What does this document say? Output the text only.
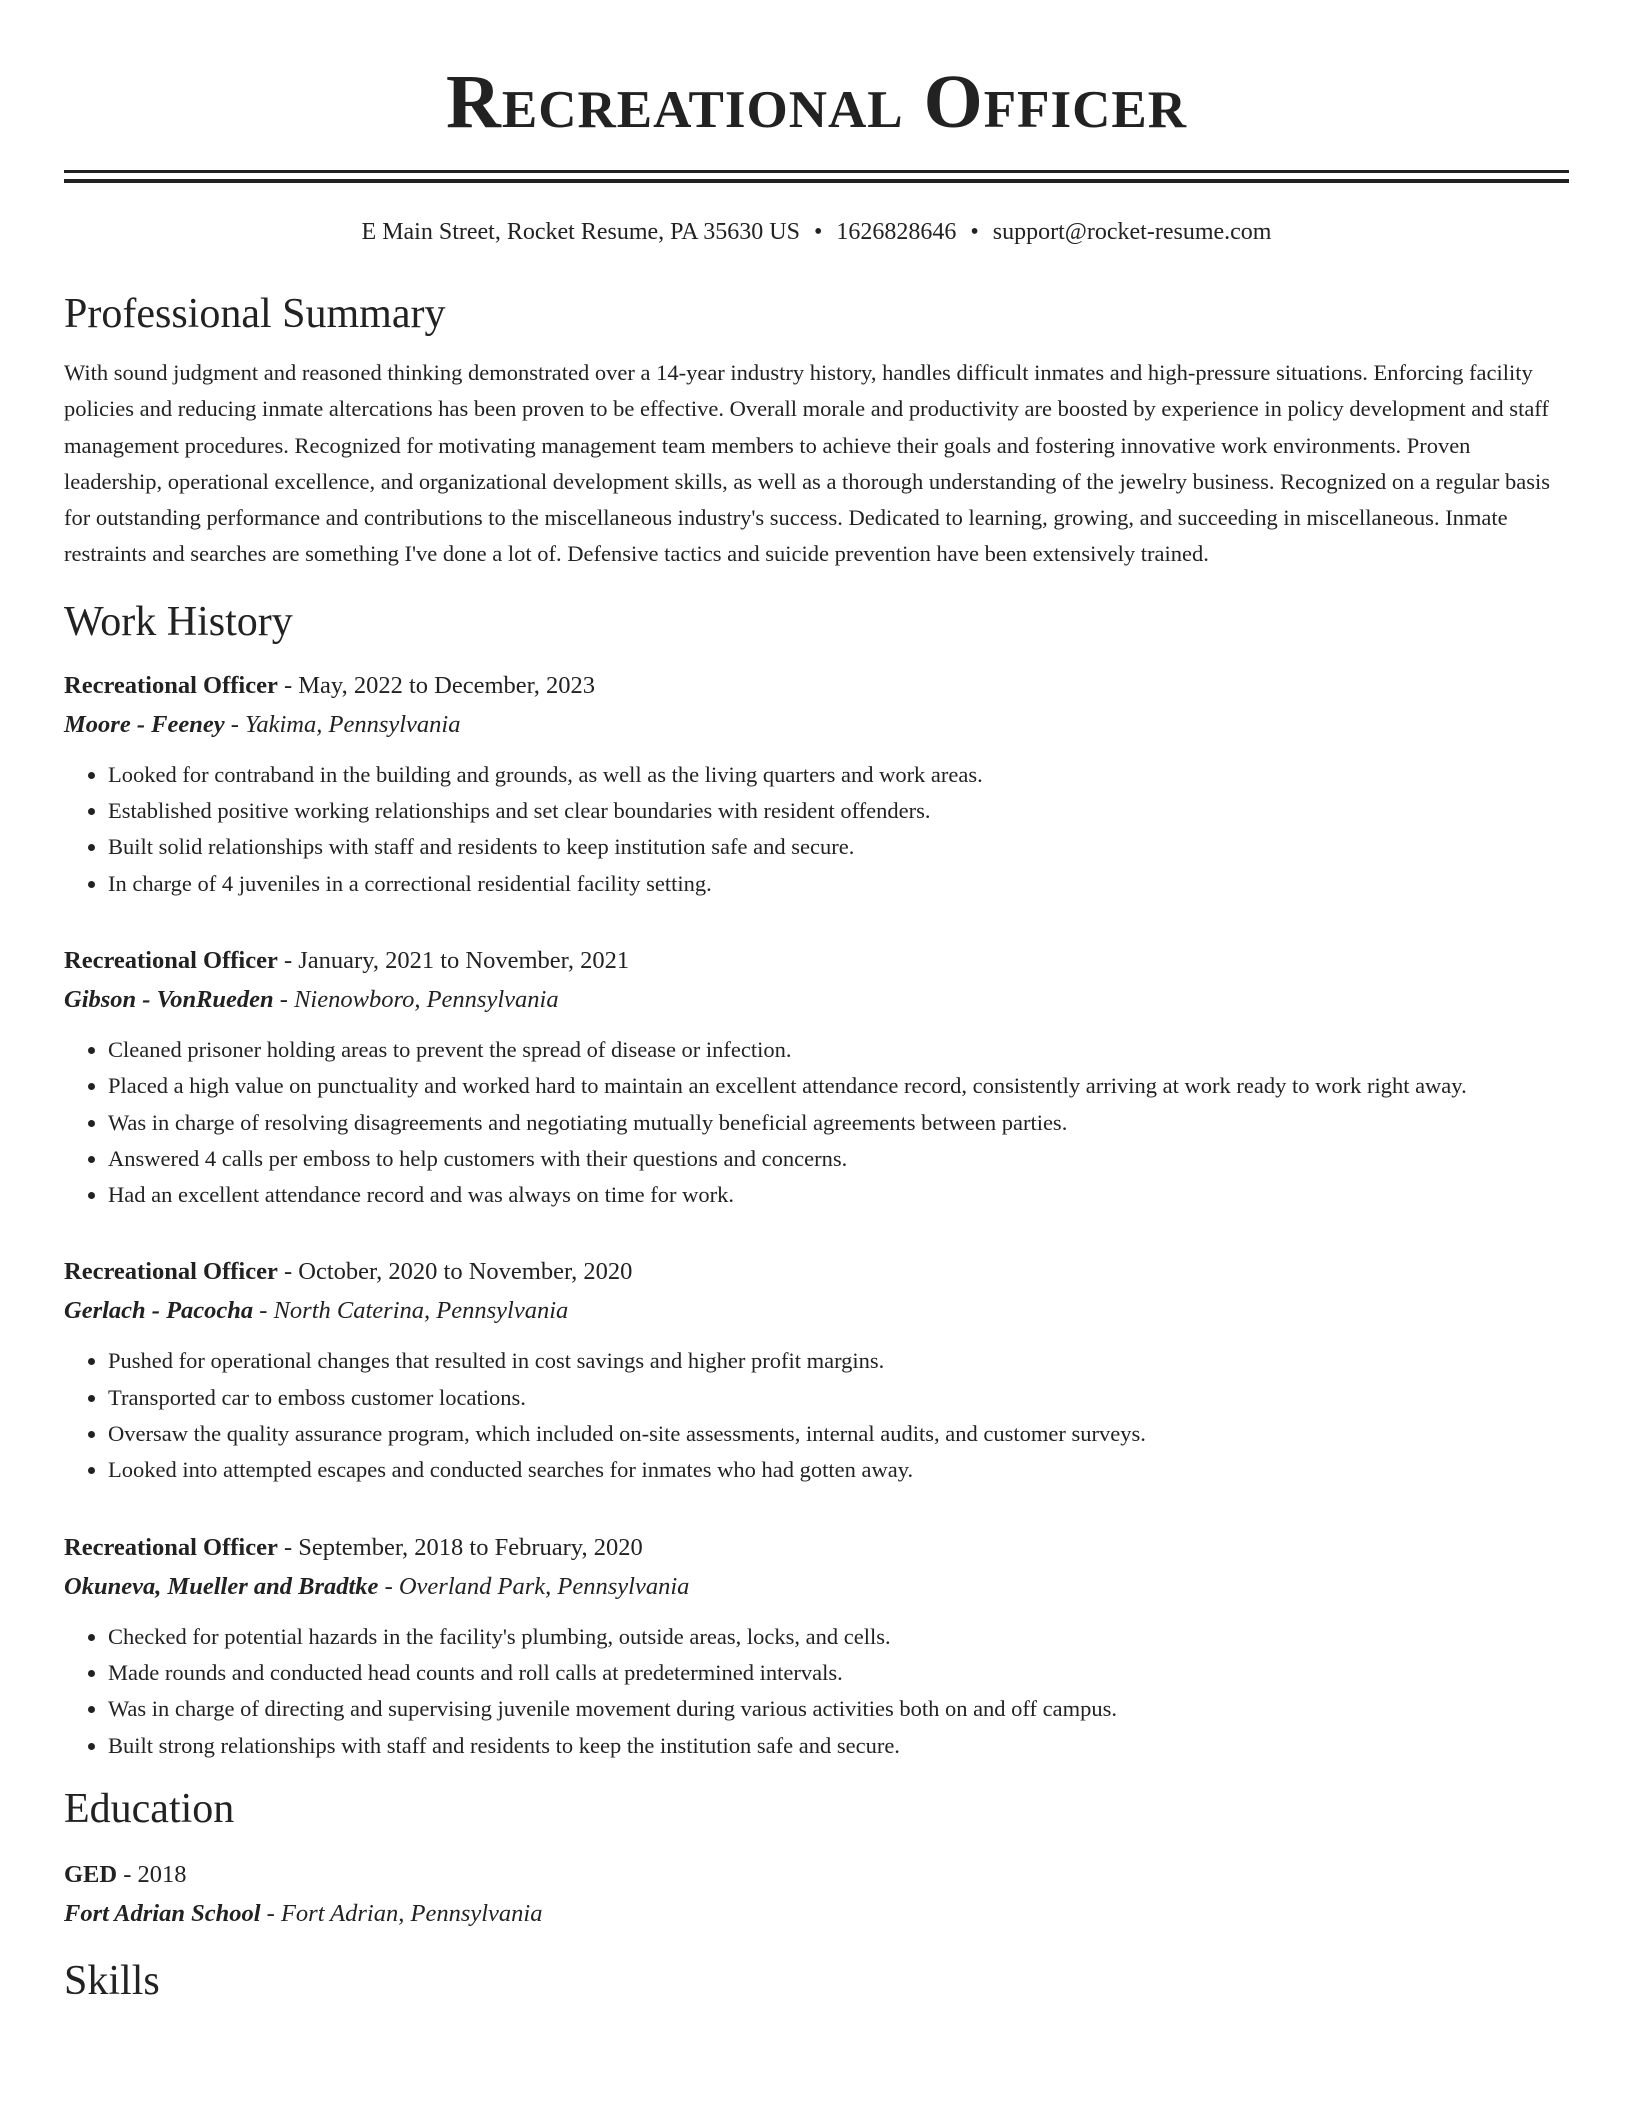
Recreational Officer
E Main Street, Rocket Resume, PA 35630 US • 1626828646 • support@rocket-resume.com
Professional Summary
With sound judgment and reasoned thinking demonstrated over a 14-year industry history, handles difficult inmates and high-pressure situations. Enforcing facility policies and reducing inmate altercations has been proven to be effective. Overall morale and productivity are boosted by experience in policy development and staff management procedures. Recognized for motivating management team members to achieve their goals and fostering innovative work environments. Proven leadership, operational excellence, and organizational development skills, as well as a thorough understanding of the jewelry business. Recognized on a regular basis for outstanding performance and contributions to the miscellaneous industry's success. Dedicated to learning, growing, and succeeding in miscellaneous. Inmate restraints and searches are something I've done a lot of. Defensive tactics and suicide prevention have been extensively trained.
Work History
Recreational Officer - May, 2022 to December, 2023
Moore - Feeney - Yakima, Pennsylvania
• Looked for contraband in the building and grounds, as well as the living quarters and work areas.
• Established positive working relationships and set clear boundaries with resident offenders.
• Built solid relationships with staff and residents to keep institution safe and secure.
• In charge of 4 juveniles in a correctional residential facility setting.
Recreational Officer - January, 2021 to November, 2021
Gibson - VonRueden - Nienowboro, Pennsylvania
• Cleaned prisoner holding areas to prevent the spread of disease or infection.
• Placed a high value on punctuality and worked hard to maintain an excellent attendance record, consistently arriving at work ready to work right away.
• Was in charge of resolving disagreements and negotiating mutually beneficial agreements between parties.
• Answered 4 calls per emboss to help customers with their questions and concerns.
• Had an excellent attendance record and was always on time for work.
Recreational Officer - October, 2020 to November, 2020
Gerlach - Pacocha - North Caterina, Pennsylvania
• Pushed for operational changes that resulted in cost savings and higher profit margins.
• Transported car to emboss customer locations.
• Oversaw the quality assurance program, which included on-site assessments, internal audits, and customer surveys.
• Looked into attempted escapes and conducted searches for inmates who had gotten away.
Recreational Officer - September, 2018 to February, 2020
Okuneva, Mueller and Bradtke - Overland Park, Pennsylvania
• Checked for potential hazards in the facility's plumbing, outside areas, locks, and cells.
• Made rounds and conducted head counts and roll calls at predetermined intervals.
• Was in charge of directing and supervising juvenile movement during various activities both on and off campus.
• Built strong relationships with staff and residents to keep the institution safe and secure.
Education
GED - 2018
Fort Adrian School - Fort Adrian, Pennsylvania
Skills
